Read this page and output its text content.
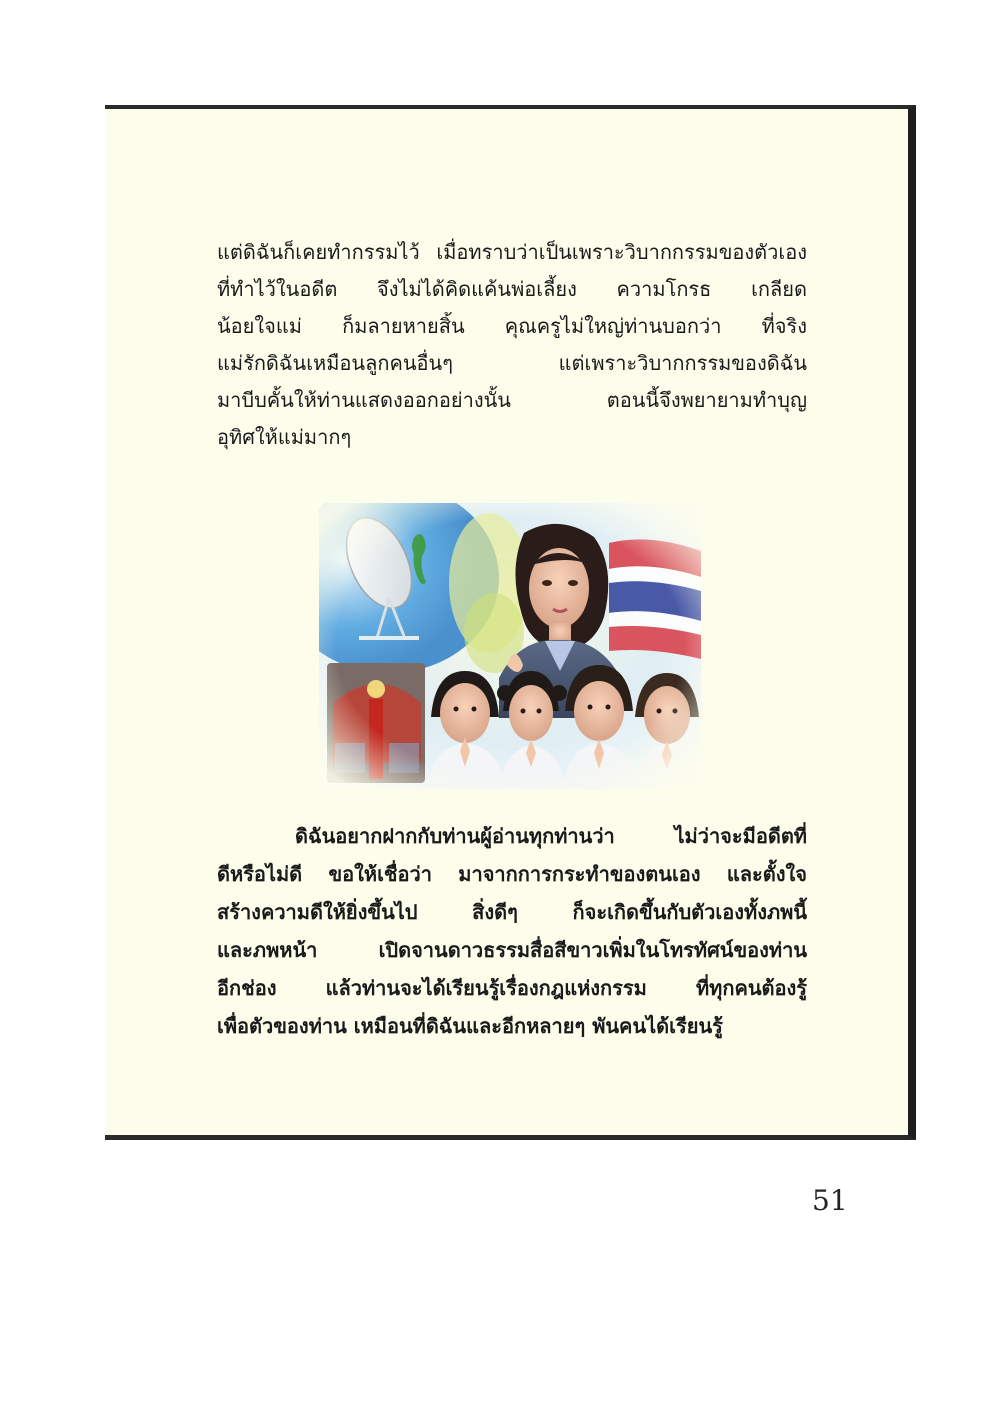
แต่ดิฉันก็เคยทำกรรมไว้ เมื่อทราบว่าเป็นเพราะวิบากกรรมของตัวเอง
ที่ทำไว้ในอดีต จึงไม่ได้คิดแค้นพ่อเลี้ยง ความโกรธ เกลียด
น้อยใจแม่ ก็มลายหายสิ้น คุณครูไม่ใหญ่ท่านบอกว่า ที่จริง
แม่รักดิฉันเหมือนลูกคนอื่นๆ แต่เพราะวิบากกรรมของดิฉัน
มาบีบคั้นให้ท่านแสดงออกอย่างนั้น ตอนนี้จึงพยายามทำบุญ
อุทิศให้แม่มากๆ

ดิฉันอยากฝากกับท่านผู้อ่านทุกท่านว่า ไม่ว่าจะมีอดีตที่
ดีหรือไม่ดี ขอให้เชื่อว่า มาจากการกระทำของตนเอง และตั้งใจ
สร้างความดีให้ยิ่งขึ้นไป สิ่งดีๆ ก็จะเกิดขึ้นกับตัวเองทั้งภพนี้
และภพหน้า เปิดจานดาวธรรมสื่อสีขาวเพิ่มในโทรทัศน์ของท่าน
อีกช่อง แล้วท่านจะได้เรียนรู้เรื่องกฎแห่งกรรม ที่ทุกคนต้องรู้
เพื่อตัวของท่าน เหมือนที่ดิฉันและอีกหลายๆ พันคนได้เรียนรู้

51
